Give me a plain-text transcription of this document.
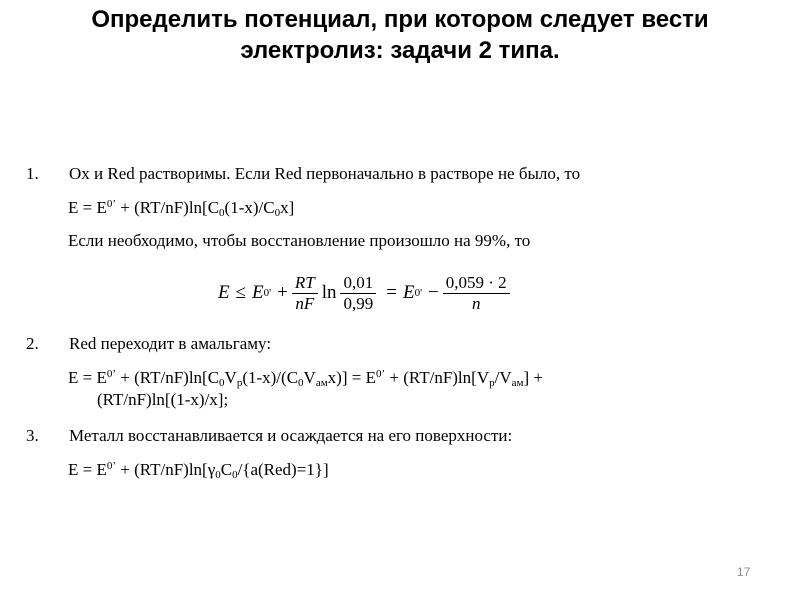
Определить потенциал, при котором следует вести
электролиз: задачи 2 типа.
1. Ox и Red растворимы. Если Red первоначально в растворе не было, то
$E = E^{0’} + (RT/nF)\ln[C_0(1-x)/C_0x]$
Если необходимо, чтобы восстановление произошло на 99%, то
E ≤ E $0' + \frac{RT}{nF}$ $\ln \frac{0,01}{0,99} = E$ $0' - \frac{0,059 \cdot 2}{n}$
2. Red переходит в амальгаму:
$E = E^{0’} + (RT/nF)\ln[C_0V_p(1-x)/(C_0V_{ам}x)] = E^{0’} + (RT/nF)\ln[V_p/V_{ам}]$ +
(RT/nF)ln[(1-x)/x];
3. Металл восстанавливается и осаждается на его поверхности:
$E = E^{0’} + (RT/nF)\ln[\gamma_0C_0/\{a(Red)=1\}]$
17
